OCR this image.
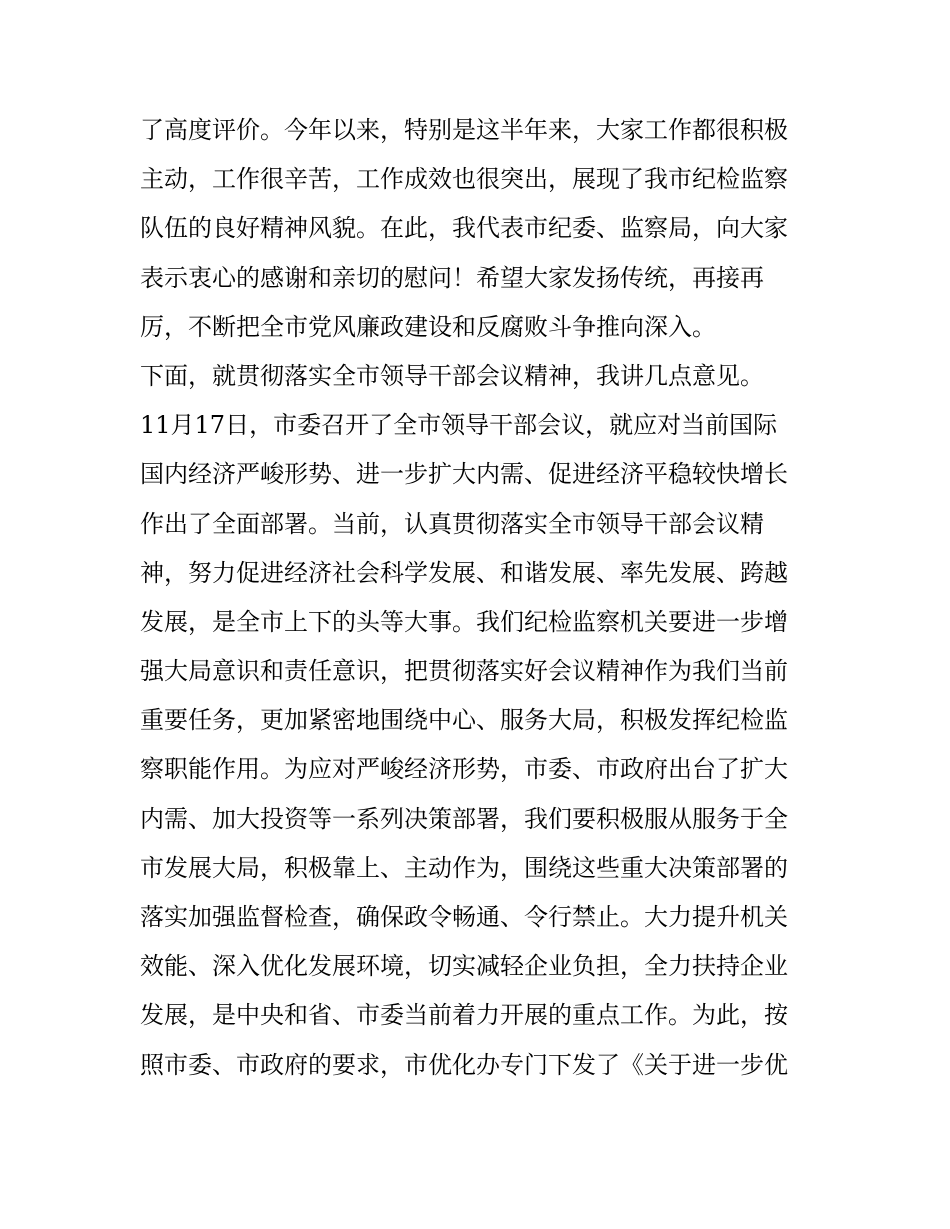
了高度评价。今年以来，特别是这半年来，大家工作都很积极
主动，工作很辛苦，工作成效也很突出，展现了我市纪检监察
队伍的良好精神风貌。在此，我代表市纪委、监察局，向大家
表示衷心的感谢和亲切的慰问！希望大家发扬传统，再接再
厉，不断把全市党风廉政建设和反腐败斗争推向深入。
下面，就贯彻落实全市领导干部会议精神，我讲几点意见。
11月17日，市委召开了全市领导干部会议，就应对当前国际
国内经济严峻形势、进一步扩大内需、促进经济平稳较快增长
作出了全面部署。当前，认真贯彻落实全市领导干部会议精
神，努力促进经济社会科学发展、和谐发展、率先发展、跨越
发展，是全市上下的头等大事。我们纪检监察机关要进一步增
强大局意识和责任意识，把贯彻落实好会议精神作为我们当前
重要任务，更加紧密地围绕中心、服务大局，积极发挥纪检监
察职能作用。为应对严峻经济形势，市委、市政府出台了扩大
内需、加大投资等一系列决策部署，我们要积极服从服务于全
市发展大局，积极靠上、主动作为，围绕这些重大决策部署的
落实加强监督检查，确保政令畅通、令行禁止。大力提升机关
效能、深入优化发展环境，切实减轻企业负担，全力扶持企业
发展，是中央和省、市委当前着力开展的重点工作。为此，按
照市委、市政府的要求，市优化办专门下发了《关于进一步优
